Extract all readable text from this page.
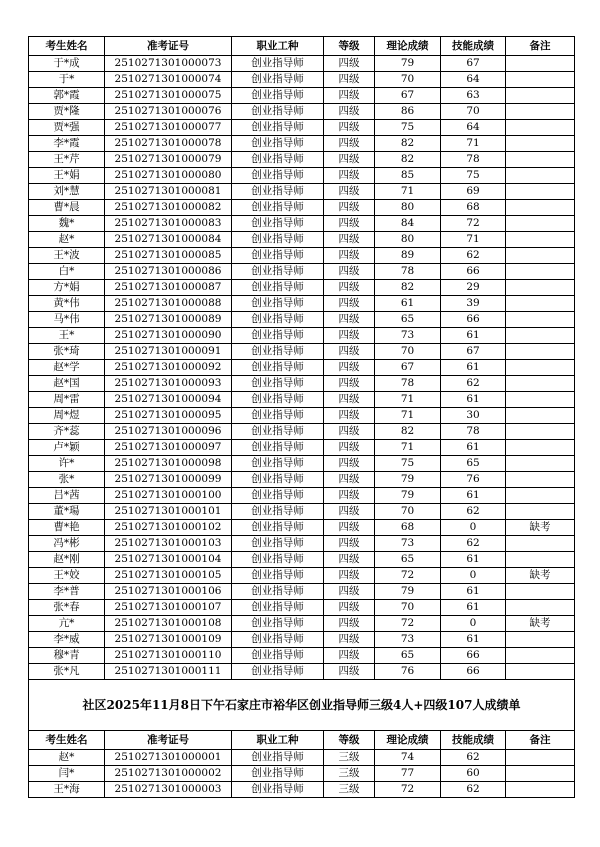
考生姓名	准考证号	职业工种	等级	理论成绩	技能成绩	备注
于*成	2510271301000073	创业指导师	四级	79	67	
于*	2510271301000074	创业指导师	四级	70	64	
郭*霞	2510271301000075	创业指导师	四级	67	63	
贾*隆	2510271301000076	创业指导师	四级	86	70	
贾*强	2510271301000077	创业指导师	四级	75	64	
李*霞	2510271301000078	创业指导师	四级	82	71	
王*芹	2510271301000079	创业指导师	四级	82	78	
王*娟	2510271301000080	创业指导师	四级	85	75	
刘*慧	2510271301000081	创业指导师	四级	71	69	
曹*晨	2510271301000082	创业指导师	四级	80	68	
魏*	2510271301000083	创业指导师	四级	84	72	
赵*	2510271301000084	创业指导师	四级	80	71	
王*波	2510271301000085	创业指导师	四级	89	62	
白*	2510271301000086	创业指导师	四级	78	66	
方*娟	2510271301000087	创业指导师	四级	82	29	
黄*伟	2510271301000088	创业指导师	四级	61	39	
马*伟	2510271301000089	创业指导师	四级	65	66	
王*	2510271301000090	创业指导师	四级	73	61	
张*琦	2510271301000091	创业指导师	四级	70	67	
赵*学	2510271301000092	创业指导师	四级	67	61	
赵*国	2510271301000093	创业指导师	四级	78	62	
周*雷	2510271301000094	创业指导师	四级	71	61	
周*煜	2510271301000095	创业指导师	四级	71	30	
齐*蕊	2510271301000096	创业指导师	四级	82	78	
卢*颖	2510271301000097	创业指导师	四级	71	61	
许*	2510271301000098	创业指导师	四级	75	65	
张*	2510271301000099	创业指导师	四级	79	76	
吕*茜	2510271301000100	创业指导师	四级	79	61	
董*瑒	2510271301000101	创业指导师	四级	70	62	
曹*艳	2510271301000102	创业指导师	四级	68	0	缺考
冯*彬	2510271301000103	创业指导师	四级	73	62	
赵*刚	2510271301000104	创业指导师	四级	65	61	
王*姣	2510271301000105	创业指导师	四级	72	0	缺考
李*普	2510271301000106	创业指导师	四级	79	61	
张*春	2510271301000107	创业指导师	四级	70	61	
亢*	2510271301000108	创业指导师	四级	72	0	缺考
李*威	2510271301000109	创业指导师	四级	73	61	
穆*青	2510271301000110	创业指导师	四级	65	66	
张*凡	2510271301000111	创业指导师	四级	76	66	
社区2025年11月8日下午石家庄市裕华区创业指导师三级4人+四级107人成绩单						
考生姓名	准考证号	职业工种	等级	理论成绩	技能成绩	备注
赵*	2510271301000001	创业指导师	三级	74	62	
闫*	2510271301000002	创业指导师	三级	77	60	
王*海	2510271301000003	创业指导师	三级	72	62	
